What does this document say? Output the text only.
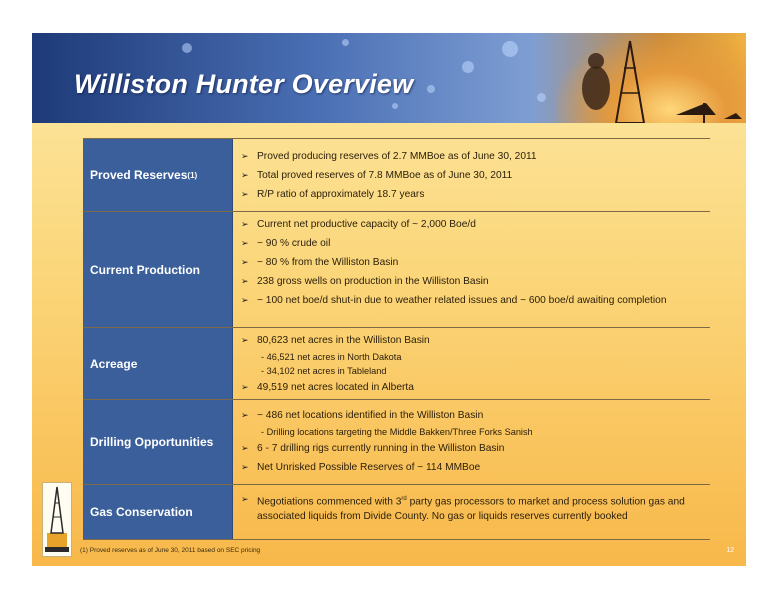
Williston Hunter Overview
Proved Reserves (1)
➢ Proved producing reserves of 2.7 MMBoe as of June 30, 2011
➢ Total proved reserves of 7.8 MMBoe as of June 30, 2011
➢ R/P ratio of approximately 18.7 years
Current Production
➢ Current net productive capacity of ~ 2,000 Boe/d
➢ ~ 90 % crude oil
➢ ~ 80 % from the Williston Basin
➢ 238 gross wells on production in the Williston Basin
➢ ~ 100 net boe/d shut-in due to weather related issues and ~ 600 boe/d awaiting completion
Acreage
➢ 80,623 net acres in the Williston Basin
- 46,521 net acres in North Dakota
- 34,102 net acres in Tableland
➢ 49,519 net acres located in Alberta
Drilling Opportunities
➢ ~ 486 net locations identified in the Williston Basin
- Drilling locations targeting the Middle Bakken/Three Forks Sanish
➢ 6 - 7 drilling rigs currently running in the Williston Basin
➢ Net Unrisked Possible Reserves of ~ 114 MMBoe
Gas Conservation
➢ Negotiations commenced with 3rd party gas processors to market and process solution gas and associated liquids from Divide County. No gas or liquids reserves currently booked
(1) Proved reserves as of June 30, 2011 based on SEC pricing	12
